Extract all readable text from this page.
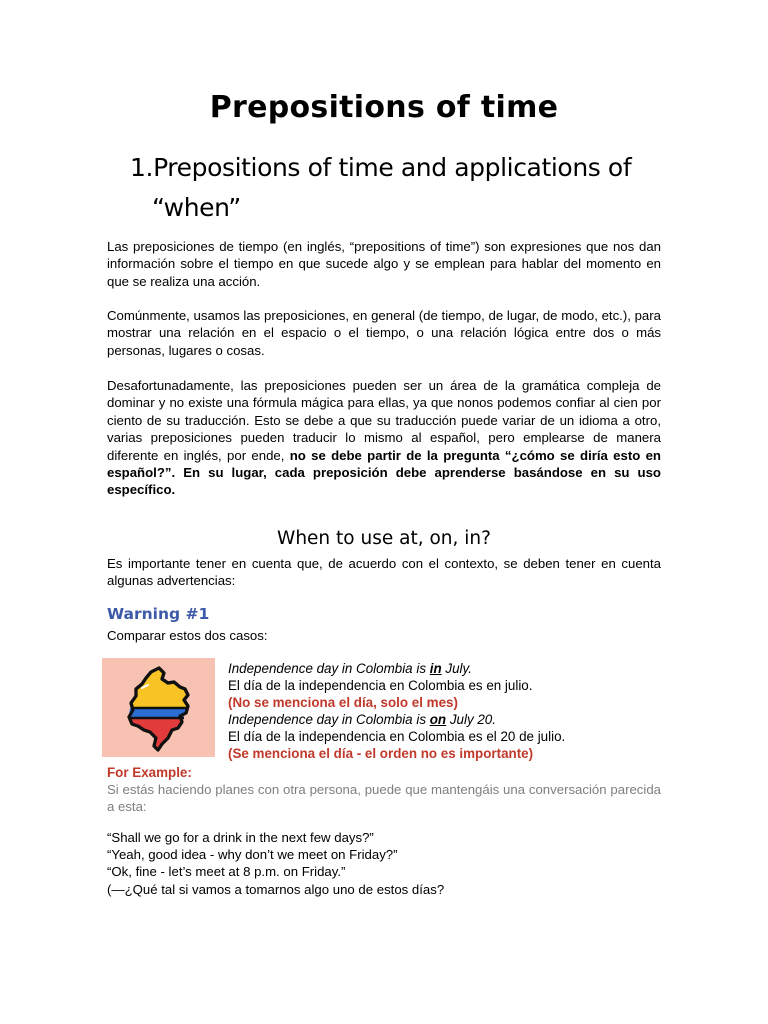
Prepositions of time
1.Prepositions of time and applications of
“when”

Las preposiciones de tiempo (en inglés, “prepositions of time”) son expresiones que nos dan información sobre el tiempo en que sucede algo y se emplean para hablar del momento en que se realiza una acción.

Comúnmente, usamos las preposiciones, en general (de tiempo, de lugar, de modo, etc.), para mostrar una relación en el espacio o el tiempo, o una relación lógica entre dos o más personas, lugares o cosas.

Desafortunadamente, las preposiciones pueden ser un área de la gramática compleja de dominar y no existe una fórmula mágica para ellas, ya que nonos podemos confiar al cien por ciento de su traducción. Esto se debe a que su traducción puede variar de un idioma a otro, varias preposiciones pueden traducir lo mismo al español, pero emplearse de manera diferente en inglés, por ende, no se debe partir de la pregunta “¿cómo se diría esto en español?”. En su lugar, cada preposición debe aprenderse basándose en su uso específico.

When to use at, on, in?

Es importante tener en cuenta que, de acuerdo con el contexto, se deben tener en cuenta algunas advertencias:

Warning #1

Comparar estos dos casos:

Independence day in Colombia is in July.
El día de la independencia en Colombia es en julio.
(No se menciona el día, solo el mes)
Independence day in Colombia is on July 20.
El día de la independencia en Colombia es el 20 de julio.
(Se menciona el día - el orden no es importante)
For Example:

Si estás haciendo planes con otra persona, puede que mantengáis una conversación parecida a esta:

“Shall we go for a drink in the next few days?”
“Yeah, good idea - why don’t we meet on Friday?”
“Ok, fine - let’s meet at 8 p.m. on Friday.”
(—¿Qué tal si vamos a tomarnos algo uno de estos días?
